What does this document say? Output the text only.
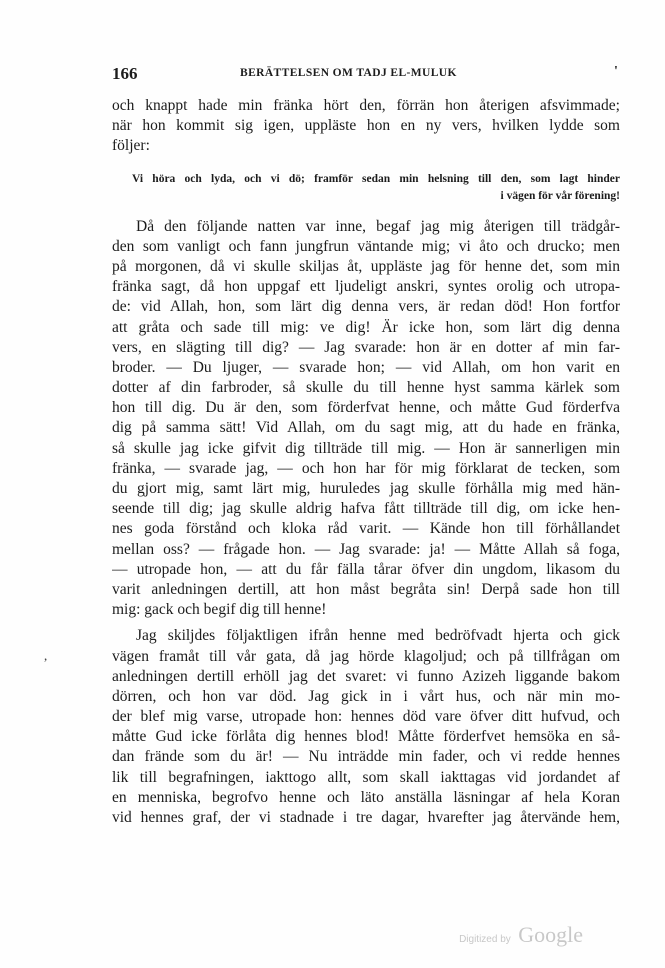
166	BERÄTTELSEN OM TADJ EL-MULUK	'
och knappt hade min fränka hört den, förrän hon återigen afsvimmade;
när hon kommit sig igen, uppläste hon en ny vers, hvilken lydde som
följer:
Vi höra och lyda, och vi dö; framför sedan min helsning till den, som lagt hinder
i vägen för vår förening!
Då den följande natten var inne, begaf jag mig återigen till trädgår-
den som vanligt och fann jungfrun väntande mig; vi åto och drucko; men
på morgonen, då vi skulle skiljas åt, uppläste jag för henne det, som min
fränka sagt, då hon uppgaf ett ljudeligt anskri, syntes orolig och utropa-
de: vid Allah, hon, som lärt dig denna vers, är redan död! Hon fortfor
att gråta och sade till mig: ve dig! Är icke hon, som lärt dig denna
vers, en slägting till dig? — Jag svarade: hon är en dotter af min far-
broder. — Du ljuger, — svarade hon; — vid Allah, om hon varit en
dotter af din farbroder, så skulle du till henne hyst samma kärlek som
hon till dig. Du är den, som förderfvat henne, och måtte Gud förderfva
dig på samma sätt! Vid Allah, om du sagt mig, att du hade en fränka,
så skulle jag icke gifvit dig tillträde till mig. — Hon är sannerligen min
fränka, — svarade jag, — och hon har för mig förklarat de tecken, som
du gjort mig, samt lärt mig, huruledes jag skulle förhålla mig med hän-
seende till dig; jag skulle aldrig hafva fått tillträde till dig, om icke hen-
nes goda förstånd och kloka råd varit. — Kände hon till förhållandet
mellan oss? — frågade hon. — Jag svarade: ja! — Måtte Allah så foga,
— utropade hon, — att du får fälla tårar öfver din ungdom, likasom du
varit anledningen dertill, att hon måst begråta sin! Derpå sade hon till
mig: gack och begif dig till henne!
Jag skiljdes följaktligen ifrån henne med bedröfvadt hjerta och gick
vägen framåt till vår gata, då jag hörde klagoljud; och på tillfrågan om
anledningen dertill erhöll jag det svaret: vi funno Azizeh liggande bakom
dörren, och hon var död. Jag gick in i vårt hus, och när min mo-
der blef mig varse, utropade hon: hennes död vare öfver ditt hufvud, och
måtte Gud icke förlåta dig hennes blod! Måtte förderfvet hemsöka en så-
dan frände som du är! — Nu inträdde min fader, och vi redde hennes
lik till begrafningen, iakttogo allt, som skall iakttagas vid jordandet af
en menniska, begrofvo henne och läto anställa läsningar af hela Koran
vid hennes graf, der vi stadnade i tre dagar, hvarefter jag återvände hem,
,
Digitized by Google
